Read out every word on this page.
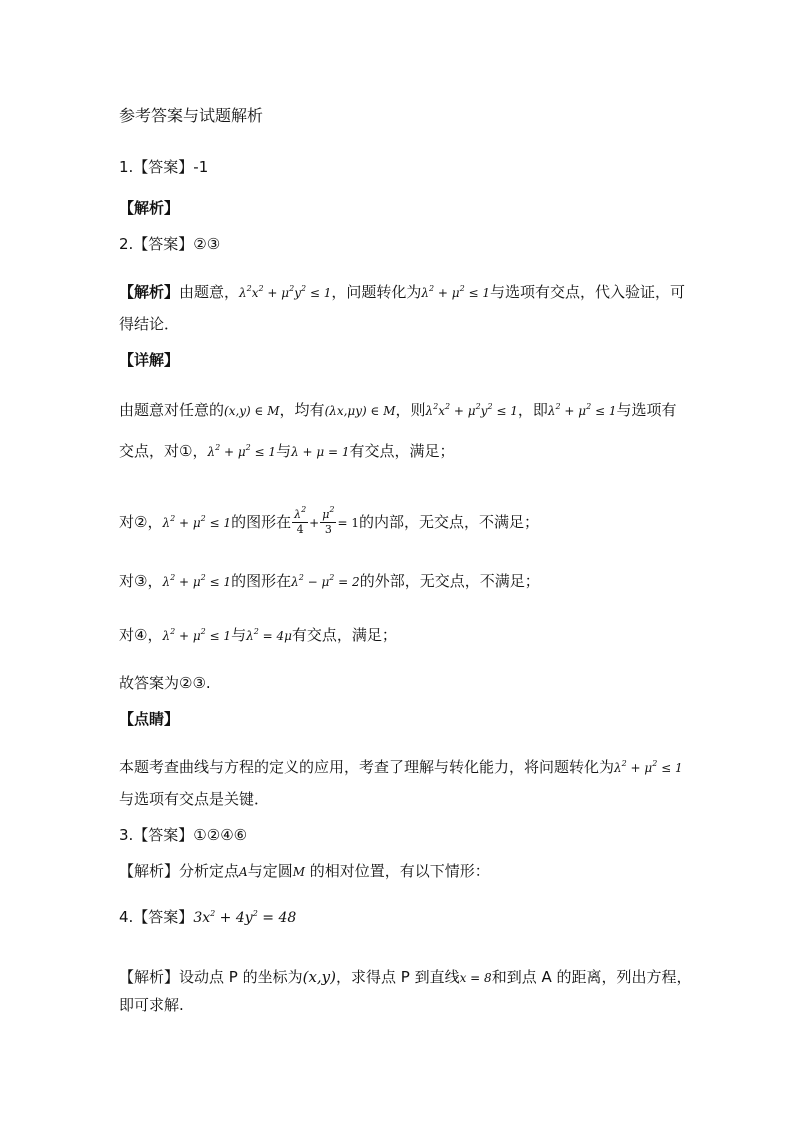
参考答案与试题解析
1.【答案】-1
【解析】
2.【答案】②③
【解析】由题意，$\lambda^2x^2 + \mu^2y^2 \le 1$，问题转化为$\lambda^2 + \mu^2 \le 1$与选项有交点，代入验证，可
得结论．
【详解】
由题意对任意的(x,y) ∈ M，均有(λx,μy) ∈ M，则$\lambda^2x^2 + \mu^2y^2 \le 1$，即$\lambda^2 + \mu^2 \le 1$与选项有
交点，对①，$\lambda^2 + \mu^2 \le 1$与λ + μ = 1有交点，满足；
对②，$\lambda^2 + \mu^2 \le 1$的图形在 $\frac{\lambda^2}{4} + \frac{\mu^2}{3} = 1$的内部，无交点，不满足；
对③，$\lambda^2 + \mu^2 \le 1$的图形在$\lambda^2 - \mu^2 = 2$的外部，无交点，不满足；
对④，$\lambda^2 + \mu^2 \le 1$与$\lambda^2 = 4\mu$有交点，满足；
故答案为②③.
【点睛】
本题考查曲线与方程的定义的应用，考查了理解与转化能力，将问题转化为$\lambda^2 + \mu^2 \le 1$
与选项有交点是关键．
3.【答案】①②④⑥
【解析】分析定点A与定圆M 的相对位置，有以下情形：
4.【答案】$3x^2 + 4y^2 = 48$
【解析】设动点 P 的坐标为(x,y)，求得点 P 到直线x = 8和到点 A 的距离，列出方程，
即可求解.
